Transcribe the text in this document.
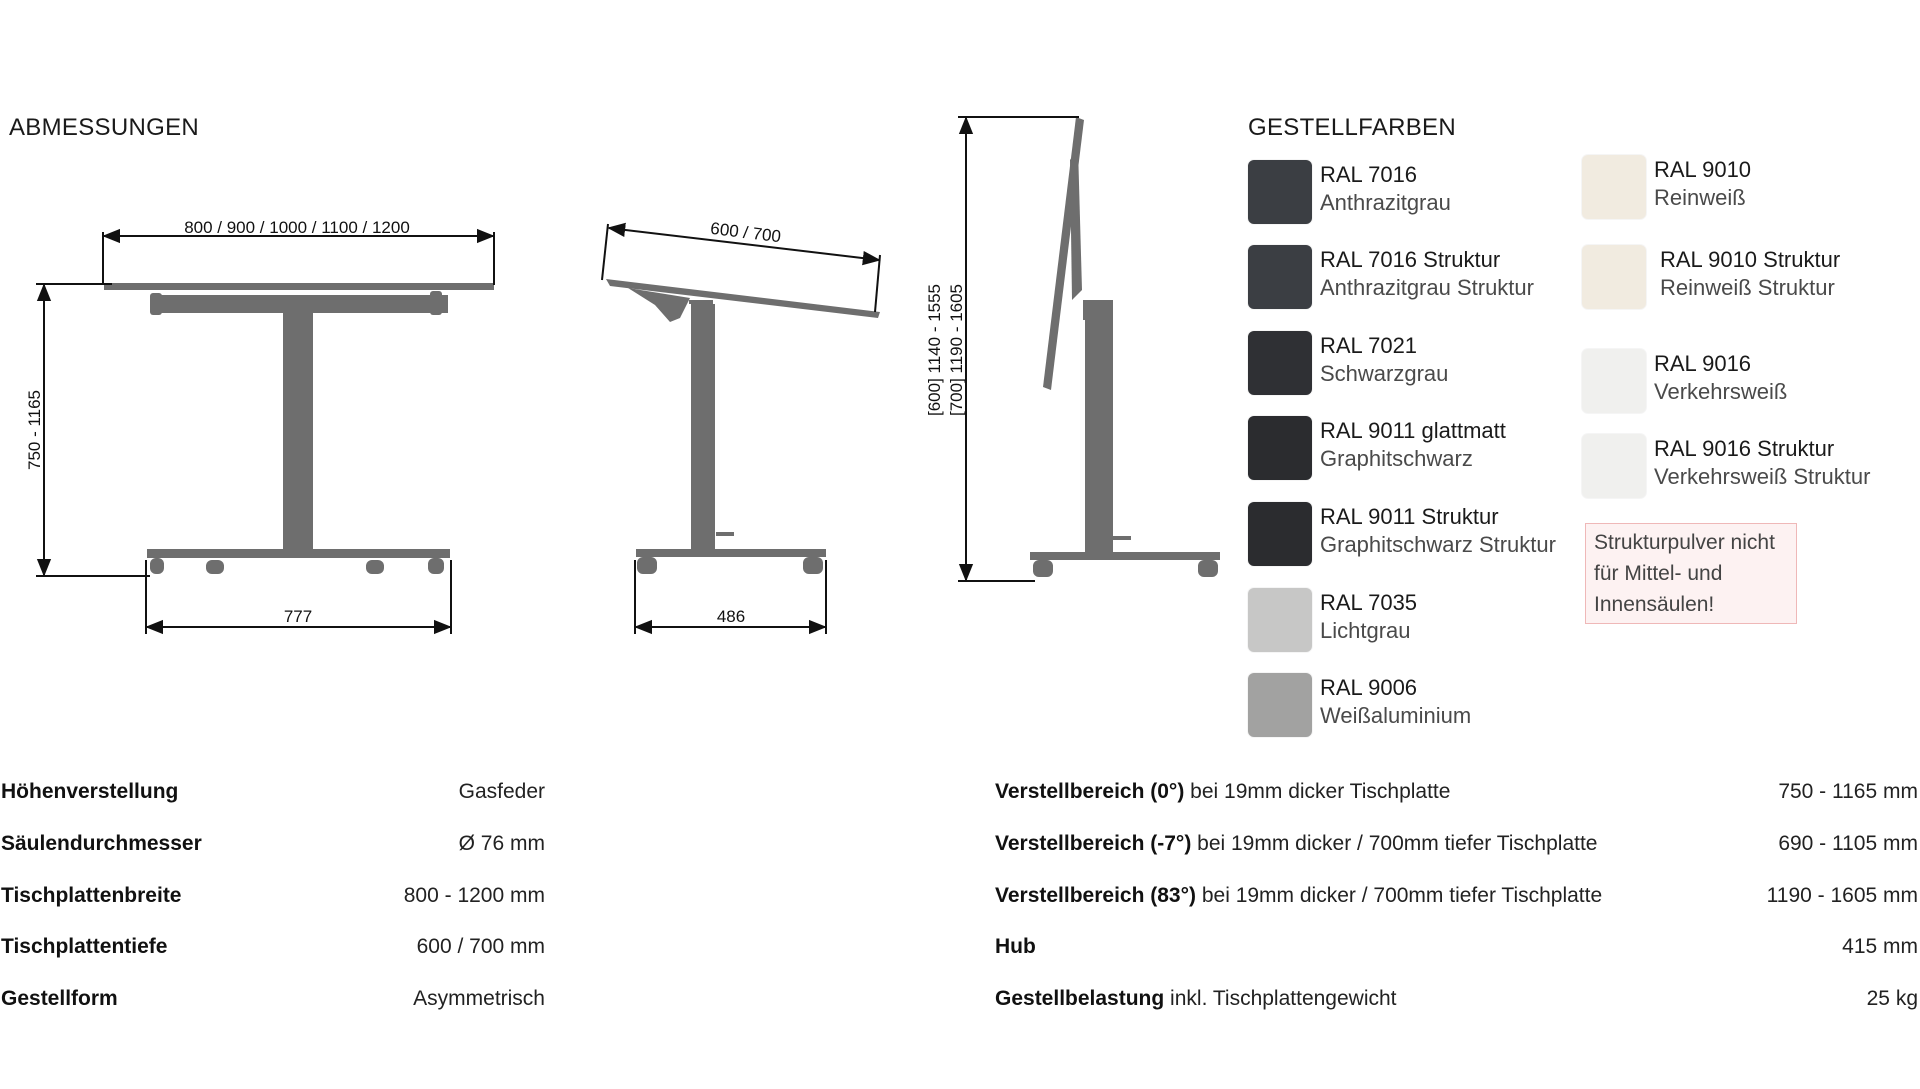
ABMESSUNGEN	GESTELLFARBEN
800 / 900 / 1000 / 1100 / 1200
750 - 1165
777
600 / 700
486
[600] 1140 - 1555 [700] 1190 - 1605
RAL 7016
Anthrazitgrau
RAL 7016 Struktur
Anthrazitgrau Struktur
RAL 7021
Schwarzgrau
RAL 9011 glattmatt
Graphitschwarz
RAL 9011 Struktur
Graphitschwarz Struktur
RAL 7035
Lichtgrau
RAL 9006
Weißaluminium
RAL 9010
Reinweiß
RAL 9010 Struktur
Reinweiß Struktur
RAL 9016
Verkehrsweiß
RAL 9016 Struktur
Verkehrsweiß Struktur
Strukturpulver nicht für Mittel- und Innensäulen!
Höhenverstellung	Gasfeder
Säulendurchmesser	Ø 76 mm
Tischplattenbreite	800 - 1200 mm
Tischplattentiefe	600 / 700 mm
Gestellform	Asymmetrisch
Verstellbereich (0°) bei 19mm dicker Tischplatte	750 - 1165 mm
Verstellbereich (-7°) bei 19mm dicker / 700mm tiefer Tischplatte	690 - 1105 mm
Verstellbereich (83°) bei 19mm dicker / 700mm tiefer Tischplatte	1190 - 1605 mm
Hub	415 mm
Gestellbelastung inkl. Tischplattengewicht	25 kg
